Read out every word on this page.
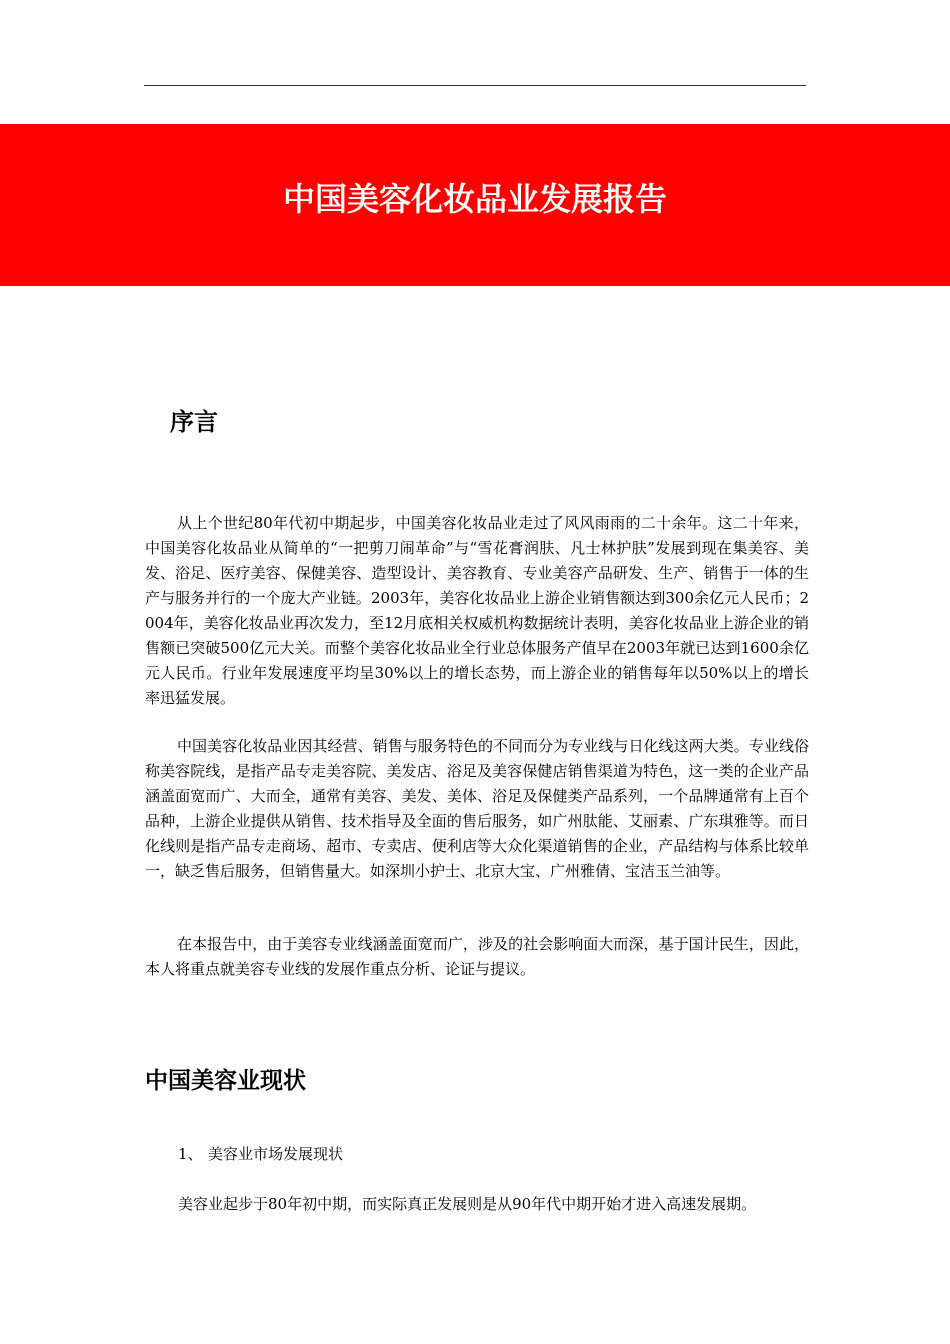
中国美容化妆品业发展报告
序言

从上个世纪80年代初中期起步，中国美容化妆品业走过了风风雨雨的二十余年。这二十年来，中国美容化妆品业从简单的“一把剪刀闹革命”与“雪花膏润肤、凡士林护肤”发展到现在集美容、美发、浴足、医疗美容、保健美容、造型设计、美容教育、专业美容产品研发、生产、销售于一体的生产与服务并行的一个庞大产业链。2003年，美容化妆品业上游企业销售额达到300余亿元人民币；2004年，美容化妆品业再次发力，至12月底相关权威机构数据统计表明，美容化妆品业上游企业的销售额已突破500亿元大关。而整个美容化妆品业全行业总体服务产值早在2003年就已达到1600余亿元人民币。行业年发展速度平均呈30%以上的增长态势，而上游企业的销售每年以50%以上的增长率迅猛发展。

中国美容化妆品业因其经营、销售与服务特色的不同而分为专业线与日化线这两大类。专业线俗称美容院线，是指产品专走美容院、美发店、浴足及美容保健店销售渠道为特色，这一类的企业产品涵盖面宽而广、大而全，通常有美容、美发、美体、浴足及保健类产品系列，一个品牌通常有上百个品种，上游企业提供从销售、技术指导及全面的售后服务，如广州肽能、艾丽素、广东琪雅等。而日化线则是指产品专走商场、超市、专卖店、便利店等大众化渠道销售的企业，产品结构与体系比较单一，缺乏售后服务，但销售量大。如深圳小护士、北京大宝、广州雅倩、宝洁玉兰油等。

在本报告中，由于美容专业线涵盖面宽而广，涉及的社会影响面大而深，基于国计民生，因此，本人将重点就美容专业线的发展作重点分析、论证与提议。

中国美容业现状

1、 美容业市场发展现状

美容业起步于80年初中期，而实际真正发展则是从90年代中期开始才进入高速发展期。
